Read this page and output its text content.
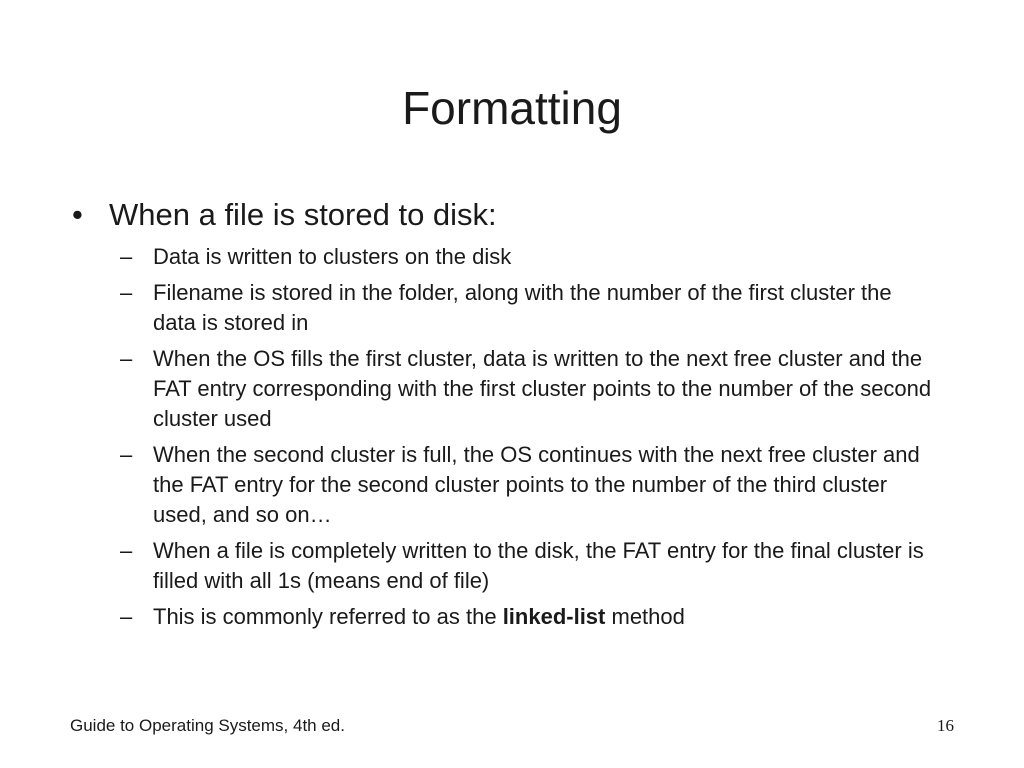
Formatting
• When a file is stored to disk:
– Data is written to clusters on the disk
– Filename is stored in the folder, along with the number of the first cluster the data is stored in
– When the OS fills the first cluster, data is written to the next free cluster and the FAT entry corresponding with the first cluster points to the number of the second cluster used
– When the second cluster is full, the OS continues with the next free cluster and the FAT entry for the second cluster points to the number of the third cluster used, and so on…
– When a file is completely written to the disk, the FAT entry for the final cluster is filled with all 1s (means end of file)
– This is commonly referred to as the linked-list method
Guide to Operating Systems, 4th ed.	16
